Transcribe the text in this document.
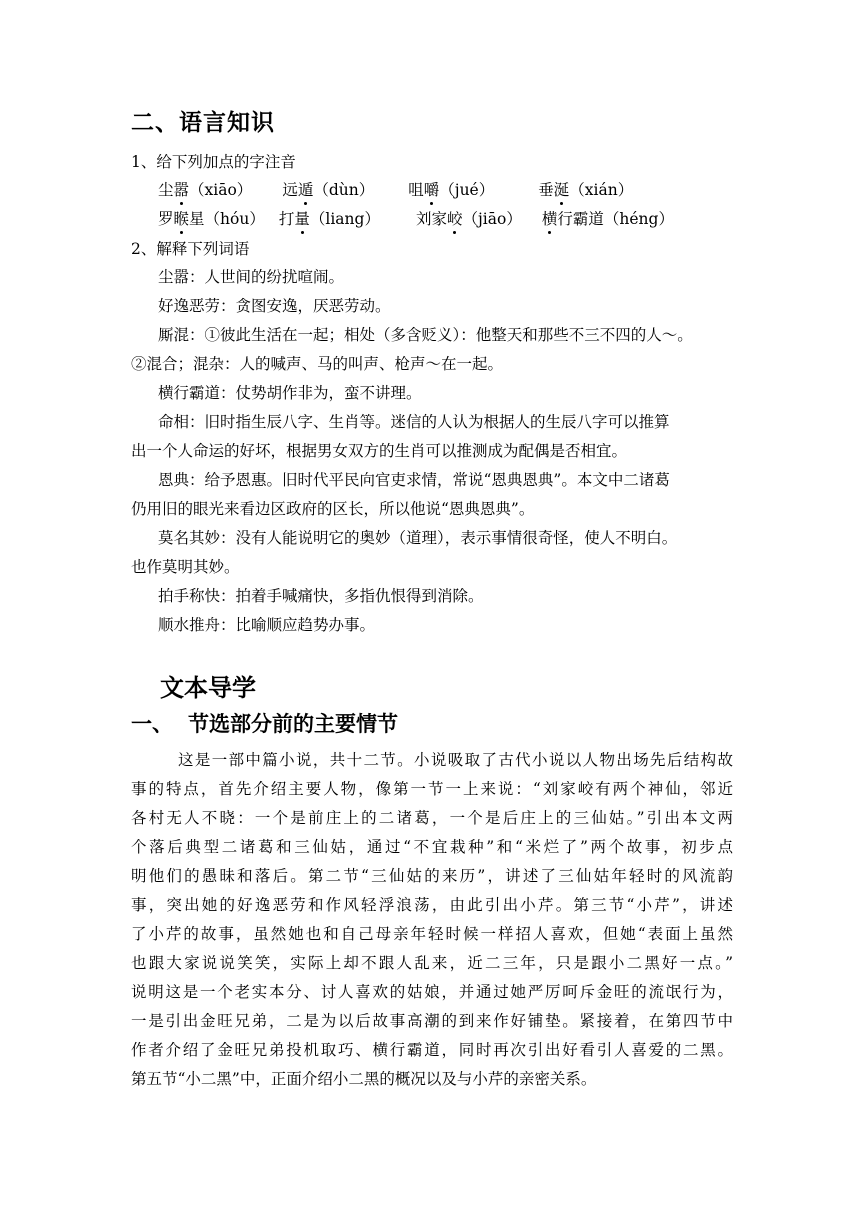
二、语言知识
1、给下列加点的字注音
尘嚣（xiāo） 远遁（dùn） 咀嚼（jué）	垂涎（xián）
罗睺星（hóu） 打量（liang） 刘家峧（jiāo） 横行霸道（héng）
2、解释下列词语
尘嚣：人世间的纷扰喧闹。
好逸恶劳：贪图安逸，厌恶劳动。
厮混：①彼此生活在一起；相处（多含贬义）：他整天和那些不三不四的人～。
②混合；混杂：人的喊声、马的叫声、枪声～在一起。
横行霸道：仗势胡作非为，蛮不讲理。
命相：旧时指生辰八字、生肖等。迷信的人认为根据人的生辰八字可以推算
出一个人命运的好坏，根据男女双方的生肖可以推测成为配偶是否相宜。
恩典：给予恩惠。旧时代平民向官吏求情，常说“恩典恩典”。本文中二诸葛
仍用旧的眼光来看边区政府的区长，所以他说“恩典恩典”。
莫名其妙：没有人能说明它的奥妙（道理），表示事情很奇怪，使人不明白。
也作莫明其妙。
拍手称快：拍着手喊痛快，多指仇恨得到消除。
顺水推舟：比喻顺应趋势办事。
文本导学
一、 节选部分前的主要情节
这是一部中篇小说，共十二节。小说吸取了古代小说以人物出场先后结构故
事的特点，首先介绍主要人物，像第一节一上来说：“刘家峧有两个神仙，邻近
各村无人不晓：一个是前庄上的二诸葛，一个是后庄上的三仙姑。”引出本文两
个落后典型二诸葛和三仙姑，通过“不宜栽种”和“米烂了”两个故事，初步点
明他们的愚昧和落后。第二节“三仙姑的来历”，讲述了三仙姑年轻时的风流韵
事，突出她的好逸恶劳和作风轻浮浪荡，由此引出小芹。第三节“小芹”，讲述
了小芹的故事，虽然她也和自己母亲年轻时候一样招人喜欢，但她“表面上虽然
也跟大家说说笑笑，实际上却不跟人乱来，近二三年，只是跟小二黑好一点。”
说明这是一个老实本分、讨人喜欢的姑娘，并通过她严厉呵斥金旺的流氓行为，
一是引出金旺兄弟，二是为以后故事高潮的到来作好铺垫。紧接着，在第四节中
作者介绍了金旺兄弟投机取巧、横行霸道，同时再次引出好看引人喜爱的二黑。
第五节“小二黑”中，正面介绍小二黑的概况以及与小芹的亲密关系。
